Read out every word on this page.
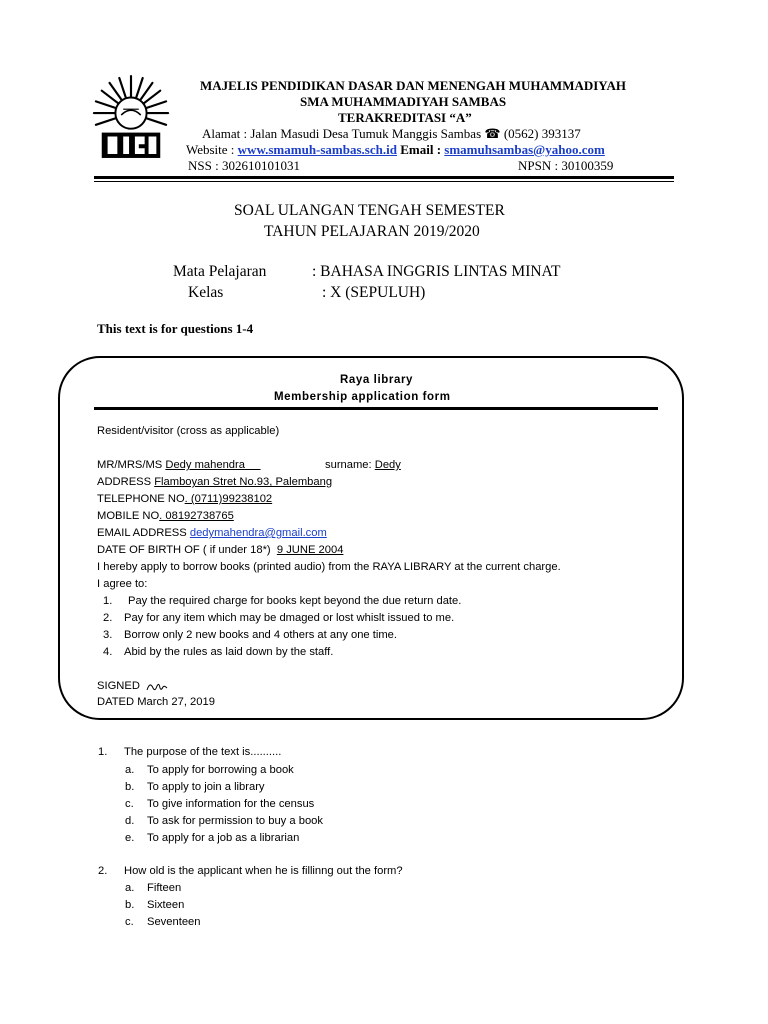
MAJELIS PENDIDIKAN DASAR DAN MENENGAH MUHAMMADIYAH
SMA MUHAMMADIYAH SAMBAS
TERAKREDITASI “A”
Alamat : Jalan Masudi Desa Tumuk Manggis Sambas ☎ (0562) 393137
Website : www.smamuh-sambas.sch.id Email : smamuhsambas@yahoo.com
NSS : 302610101031	NPSN : 30100359
SOAL ULANGAN TENGAH SEMESTER
TAHUN PELAJARAN 2019/2020
Mata Pelajaran	: BAHASA INGGRIS LINTAS MINAT
Kelas	: X (SEPULUH)
This text is for questions 1-4
Raya library
Membership application form
Resident/visitor (cross as applicable)
MR/MRS/MS Dedy mahendra	surname: Dedy
ADDRESS Flamboyan Stret No.93, Palembang
TELEPHONE NO. (0711)99238102
MOBILE NO. 08192738765
EMAIL ADDRESS dedymahendra@gmail.com
DATE OF BIRTH OF ( if under 18*)  9 JUNE 2004
I hereby apply to borrow books (printed audio) from the RAYA LIBRARY at the current charge.
I agree to:
1. Pay the required charge for books kept beyond the due return date.
2. Pay for any item which may be dmaged or lost whislt issued to me.
3. Borrow only 2 new books and 4 others at any one time.
4. Abid by the rules as laid down by the staff.
SIGNED
DATED March 27, 2019
1. The purpose of the text is..........
a. To apply for borrowing a book
b. To apply to join a library
c. To give information for the census
d. To ask for permission to buy a book
e. To apply for a job as a librarian
2. How old is the applicant when he is fillinng out the form?
a. Fifteen
b. Sixteen
c. Seventeen
